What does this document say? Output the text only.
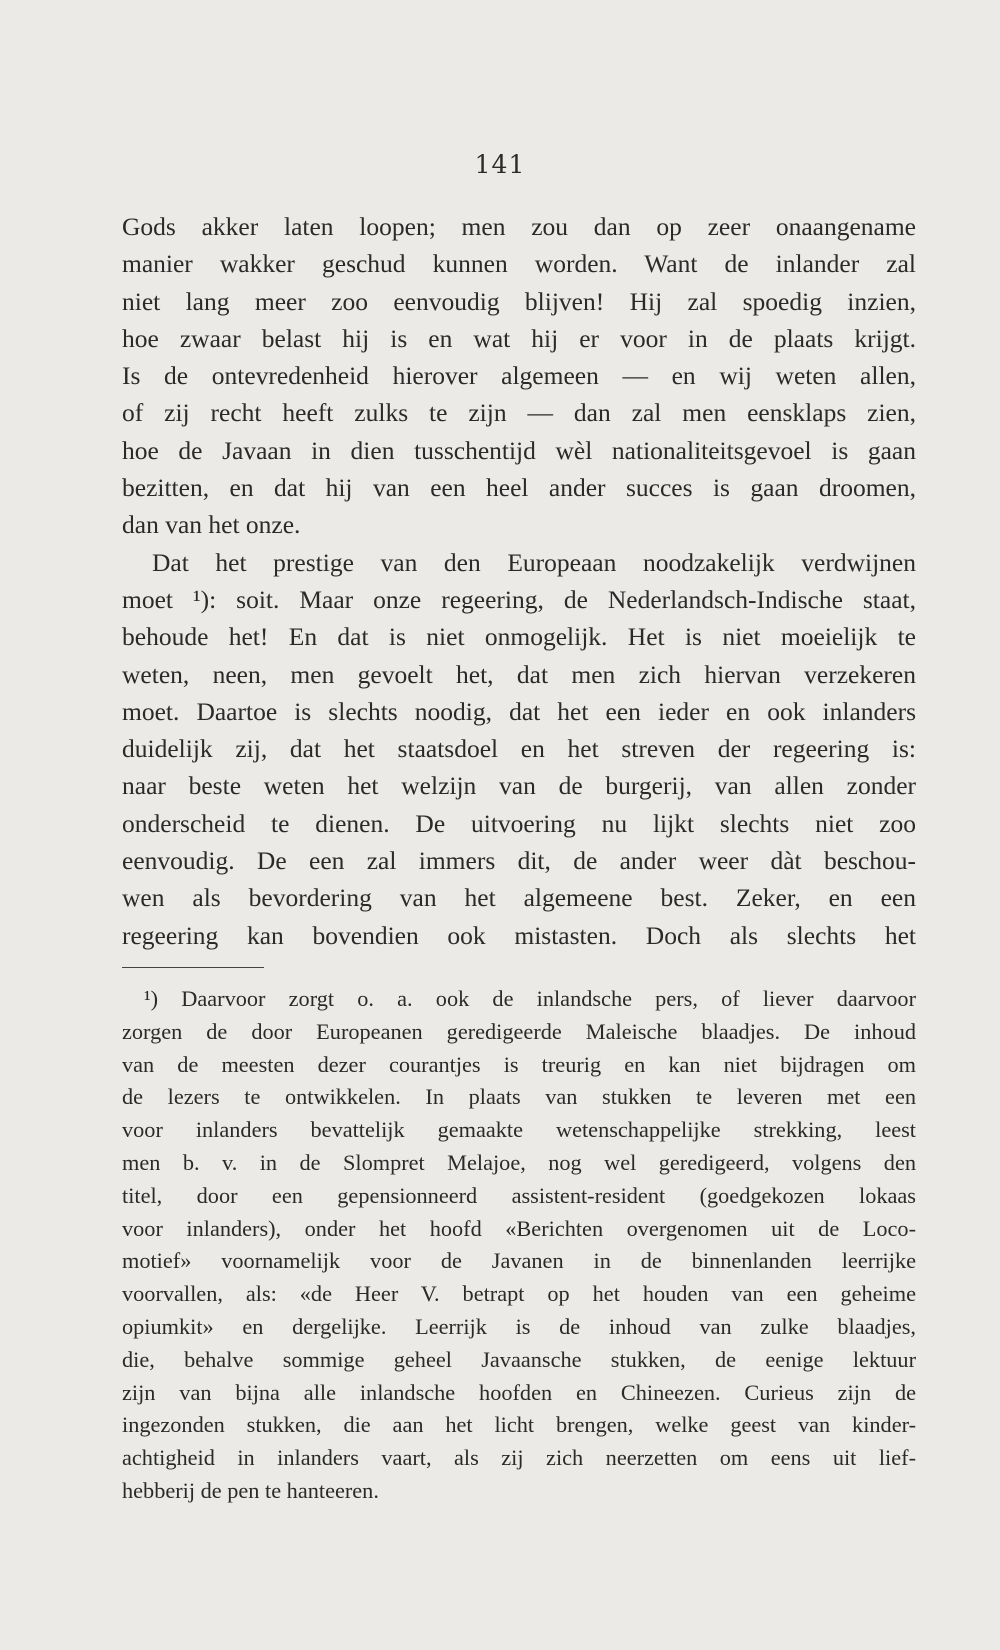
141
Gods akker laten loopen; men zou dan op zeer onaangename
manier wakker geschud kunnen worden. Want de inlander zal
niet lang meer zoo eenvoudig blijven! Hij zal spoedig inzien,
hoe zwaar belast hij is en wat hij er voor in de plaats krijgt.
Is de ontevredenheid hierover algemeen — en wij weten allen,
of zij recht heeft zulks te zijn — dan zal men eensklaps zien,
hoe de Javaan in dien tusschentijd wèl nationaliteitsgevoel is gaan
bezitten, en dat hij van een heel ander succes is gaan droomen,
dan van het onze.
Dat het prestige van den Europeaan noodzakelijk verdwijnen
moet ¹): soit. Maar onze regeering, de Nederlandsch-Indische staat,
behoude het! En dat is niet onmogelijk. Het is niet moeielijk te
weten, neen, men gevoelt het, dat men zich hiervan verzekeren
moet. Daartoe is slechts noodig, dat het een ieder en ook inlanders
duidelijk zij, dat het staatsdoel en het streven der regeering is:
naar beste weten het welzijn van de burgerij, van allen zonder
onderscheid te dienen. De uitvoering nu lijkt slechts niet zoo
eenvoudig. De een zal immers dit, de ander weer dàt beschou-
wen als bevordering van het algemeene best. Zeker, en een
regeering kan bovendien ook mistasten. Doch als slechts het
¹) Daarvoor zorgt o. a. ook de inlandsche pers, of liever daarvoor
zorgen de door Europeanen geredigeerde Maleische blaadjes. De inhoud
van de meesten dezer courantjes is treurig en kan niet bijdragen om
de lezers te ontwikkelen. In plaats van stukken te leveren met een
voor inlanders bevattelijk gemaakte wetenschappelijke strekking, leest
men b. v. in de Slompret Melajoe, nog wel geredigeerd, volgens den
titel, door een gepensionneerd assistent-resident (goedgekozen lokaas
voor inlanders), onder het hoofd «Berichten overgenomen uit de Loco-
motief» voornamelijk voor de Javanen in de binnenlanden leerrijke
voorvallen, als: «de Heer V. betrapt op het houden van een geheime
opiumkit» en dergelijke. Leerrijk is de inhoud van zulke blaadjes,
die, behalve sommige geheel Javaansche stukken, de eenige lektuur
zijn van bijna alle inlandsche hoofden en Chineezen. Curieus zijn de
ingezonden stukken, die aan het licht brengen, welke geest van kinder-
achtigheid in inlanders vaart, als zij zich neerzetten om eens uit lief-
hebberij de pen te hanteeren.
